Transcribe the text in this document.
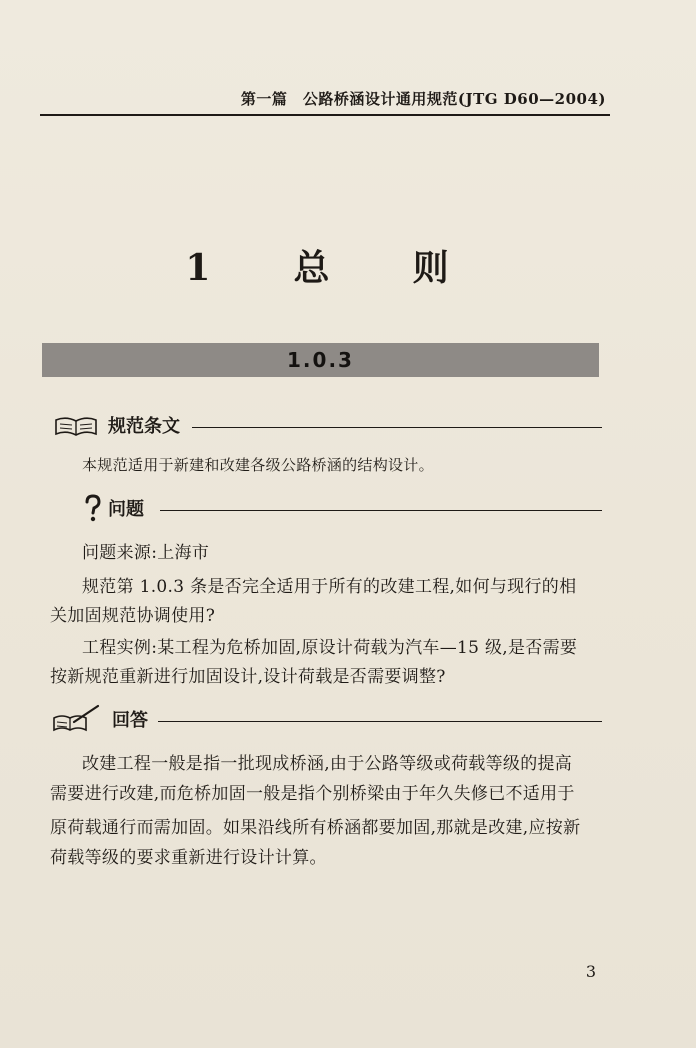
第一篇　公路桥涵设计通用规范(JTG D60—2004)
1 总 则
1.0.3
规范条文
本规范适用于新建和改建各级公路桥涵的结构设计。
问题
问题来源:上海市
规范第 1.0.3 条是否完全适用于所有的改建工程,如何与现行的相
关加固规范协调使用?
工程实例:某工程为危桥加固,原设计荷载为汽车—15 级,是否需要
按新规范重新进行加固设计,设计荷载是否需要调整?
回答
改建工程一般是指一批现成桥涵,由于公路等级或荷载等级的提高
需要进行改建,而危桥加固一般是指个别桥梁由于年久失修已不适用于
原荷载通行而需加固。如果沿线所有桥涵都要加固,那就是改建,应按新
荷载等级的要求重新进行设计计算。
3
